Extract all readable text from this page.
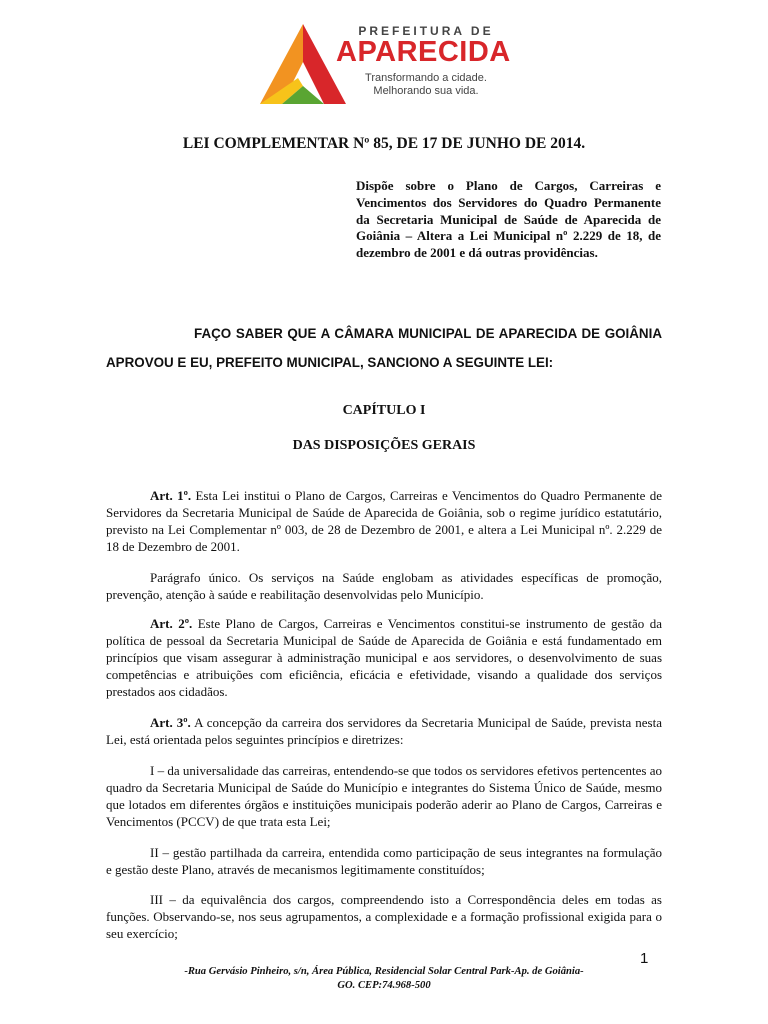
PREFEITURA DE
APARECIDA
Transformando a cidade.
Melhorando sua vida.
LEI COMPLEMENTAR Nº 85, DE 17 DE JUNHO DE 2014.
Dispõe sobre o Plano de Cargos, Carreiras e Vencimentos dos Servidores do Quadro Permanente da Secretaria Municipal de Saúde de Aparecida de Goiânia – Altera a Lei Municipal nº 2.229 de 18, de dezembro de 2001 e dá outras providências.
FAÇO SABER QUE A CÂMARA MUNICIPAL DE APARECIDA DE GOIÂNIA APROVOU E EU, PREFEITO MUNICIPAL, SANCIONO A SEGUINTE LEI:
CAPÍTULO I
DAS DISPOSIÇÕES GERAIS
Art. 1º. Esta Lei institui o Plano de Cargos, Carreiras e Vencimentos do Quadro Permanente de Servidores da Secretaria Municipal de Saúde de Aparecida de Goiânia, sob o regime jurídico estatutário, previsto na Lei Complementar nº 003, de 28 de Dezembro de 2001, e altera a Lei Municipal nº. 2.229 de 18 de Dezembro de 2001.
Parágrafo único. Os serviços na Saúde englobam as atividades específicas de promoção, prevenção, atenção à saúde e reabilitação desenvolvidas pelo Município.
Art. 2º. Este Plano de Cargos, Carreiras e Vencimentos constitui-se instrumento de gestão da política de pessoal da Secretaria Municipal de Saúde de Aparecida de Goiânia e está fundamentado em princípios que visam assegurar à administração municipal e aos servidores, o desenvolvimento de suas competências e atribuições com eficiência, eficácia e efetividade, visando a qualidade dos serviços prestados aos cidadãos.
Art. 3º. A concepção da carreira dos servidores da Secretaria Municipal de Saúde, prevista nesta Lei, está orientada pelos seguintes princípios e diretrizes:
I – da universalidade das carreiras, entendendo-se que todos os servidores efetivos pertencentes ao quadro da Secretaria Municipal de Saúde do Município e integrantes do Sistema Único de Saúde, mesmo que lotados em diferentes órgãos e instituições municipais poderão aderir ao Plano de Cargos, Carreiras e Vencimentos (PCCV) de que trata esta Lei;
II – gestão partilhada da carreira, entendida como participação de seus integrantes na formulação e gestão deste Plano, através de mecanismos legitimamente constituídos;
III – da equivalência dos cargos, compreendendo isto a Correspondência deles em todas as funções. Observando-se, nos seus agrupamentos, a complexidade e a formação profissional exigida para o seu exercício;
1
-Rua Gervásio Pinheiro, s/n, Área Pública, Residencial Solar Central Park-Ap. de Goiânia-
GO. CEP:74.968-500
